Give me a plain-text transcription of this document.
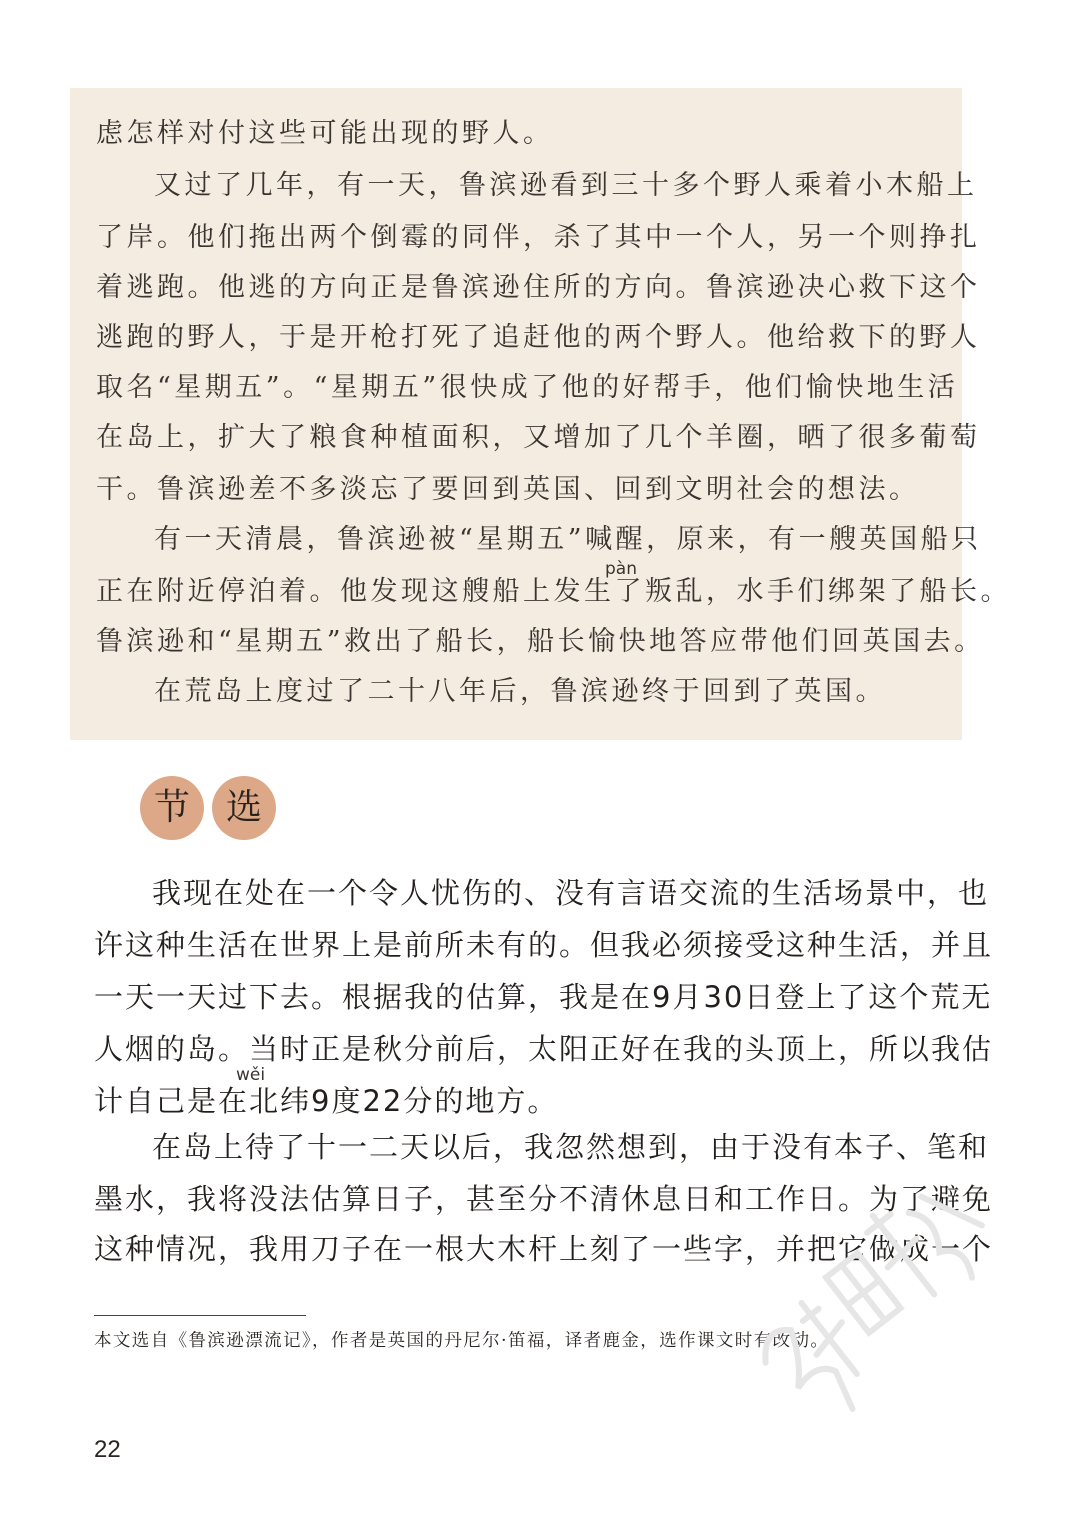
虑怎样对付这些可能出现的野人。
又过了几年，有一天，鲁滨逊看到三十多个野人乘着小木船上
了岸。他们拖出两个倒霉的同伴，杀了其中一个人，另一个则挣扎
着逃跑。他逃的方向正是鲁滨逊住所的方向。鲁滨逊决心救下这个
逃跑的野人，于是开枪打死了追赶他的两个野人。他给救下的野人
取名“星期五”。“星期五”很快成了他的好帮手，他们愉快地生活
在岛上，扩大了粮食种植面积，又增加了几个羊圈，晒了很多葡萄
干。鲁滨逊差不多淡忘了要回到英国、回到文明社会的想法。
有一天清晨，鲁滨逊被“星期五”喊醒，原来，有一艘英国船只
pàn
正在附近停泊着。他发现这艘船上发生了叛乱，水手们绑架了船长。
鲁滨逊和“星期五”救出了船长，船长愉快地答应带他们回英国去。
在荒岛上度过了二十八年后，鲁滨逊终于回到了英国。
节 选
我现在处在一个令人忧伤的、没有言语交流的生活场景中，也
许这种生活在世界上是前所未有的。但我必须接受这种生活，并且
一天一天过下去。根据我的估算，我是在9月30日登上了这个荒无
人烟的岛。当时正是秋分前后，太阳正好在我的头顶上，所以我估
wěi
计自己是在北纬9度22分的地方。
在岛上待了十一二天以后，我忽然想到，由于没有本子、笔和
墨水，我将没法估算日子，甚至分不清休息日和工作日。为了避免
这种情况，我用刀子在一根大木杆上刻了一些字，并把它做成一个
本文选自《鲁滨逊漂流记》，作者是英国的丹尼尔·笛福，译者鹿金，选作课文时有改动。
22
